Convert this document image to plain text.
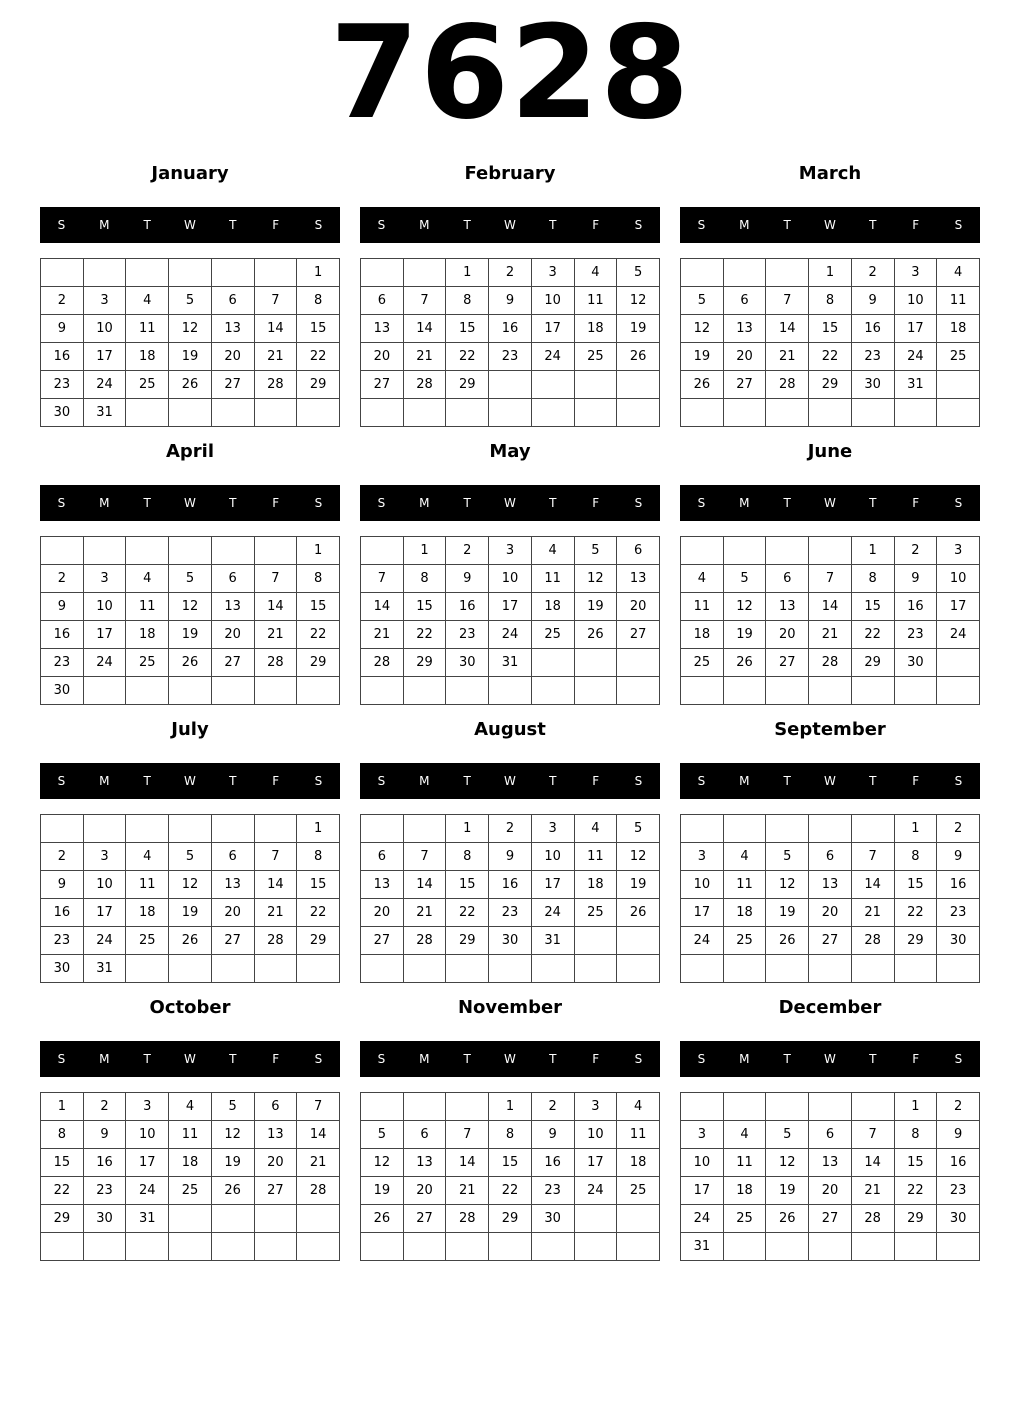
7628
January
S	M	T	W	T	F	S
						1
2	3	4	5	6	7	8
9	10	11	12	13	14	15
16	17	18	19	20	21	22
23	24	25	26	27	28	29
30	31					
February
S	M	T	W	T	F	S
		1	2	3	4	5
6	7	8	9	10	11	12
13	14	15	16	17	18	19
20	21	22	23	24	25	26
27	28	29				

March
S	M	T	W	T	F	S
			1	2	3	4
5	6	7	8	9	10	11
12	13	14	15	16	17	18
19	20	21	22	23	24	25
26	27	28	29	30	31	

April
S	M	T	W	T	F	S
						1
2	3	4	5	6	7	8
9	10	11	12	13	14	15
16	17	18	19	20	21	22
23	24	25	26	27	28	29
30						
May
S	M	T	W	T	F	S
	1	2	3	4	5	6
7	8	9	10	11	12	13
14	15	16	17	18	19	20
21	22	23	24	25	26	27
28	29	30	31			

June
S	M	T	W	T	F	S
				1	2	3
4	5	6	7	8	9	10
11	12	13	14	15	16	17
18	19	20	21	22	23	24
25	26	27	28	29	30	

July
S	M	T	W	T	F	S
						1
2	3	4	5	6	7	8
9	10	11	12	13	14	15
16	17	18	19	20	21	22
23	24	25	26	27	28	29
30	31					
August
S	M	T	W	T	F	S
		1	2	3	4	5
6	7	8	9	10	11	12
13	14	15	16	17	18	19
20	21	22	23	24	25	26
27	28	29	30	31		

September
S	M	T	W	T	F	S
					1	2
3	4	5	6	7	8	9
10	11	12	13	14	15	16
17	18	19	20	21	22	23
24	25	26	27	28	29	30

October
S	M	T	W	T	F	S
1	2	3	4	5	6	7
8	9	10	11	12	13	14
15	16	17	18	19	20	21
22	23	24	25	26	27	28
29	30	31				

November
S	M	T	W	T	F	S
			1	2	3	4
5	6	7	8	9	10	11
12	13	14	15	16	17	18
19	20	21	22	23	24	25
26	27	28	29	30		

December
S	M	T	W	T	F	S
					1	2
3	4	5	6	7	8	9
10	11	12	13	14	15	16
17	18	19	20	21	22	23
24	25	26	27	28	29	30
31						
